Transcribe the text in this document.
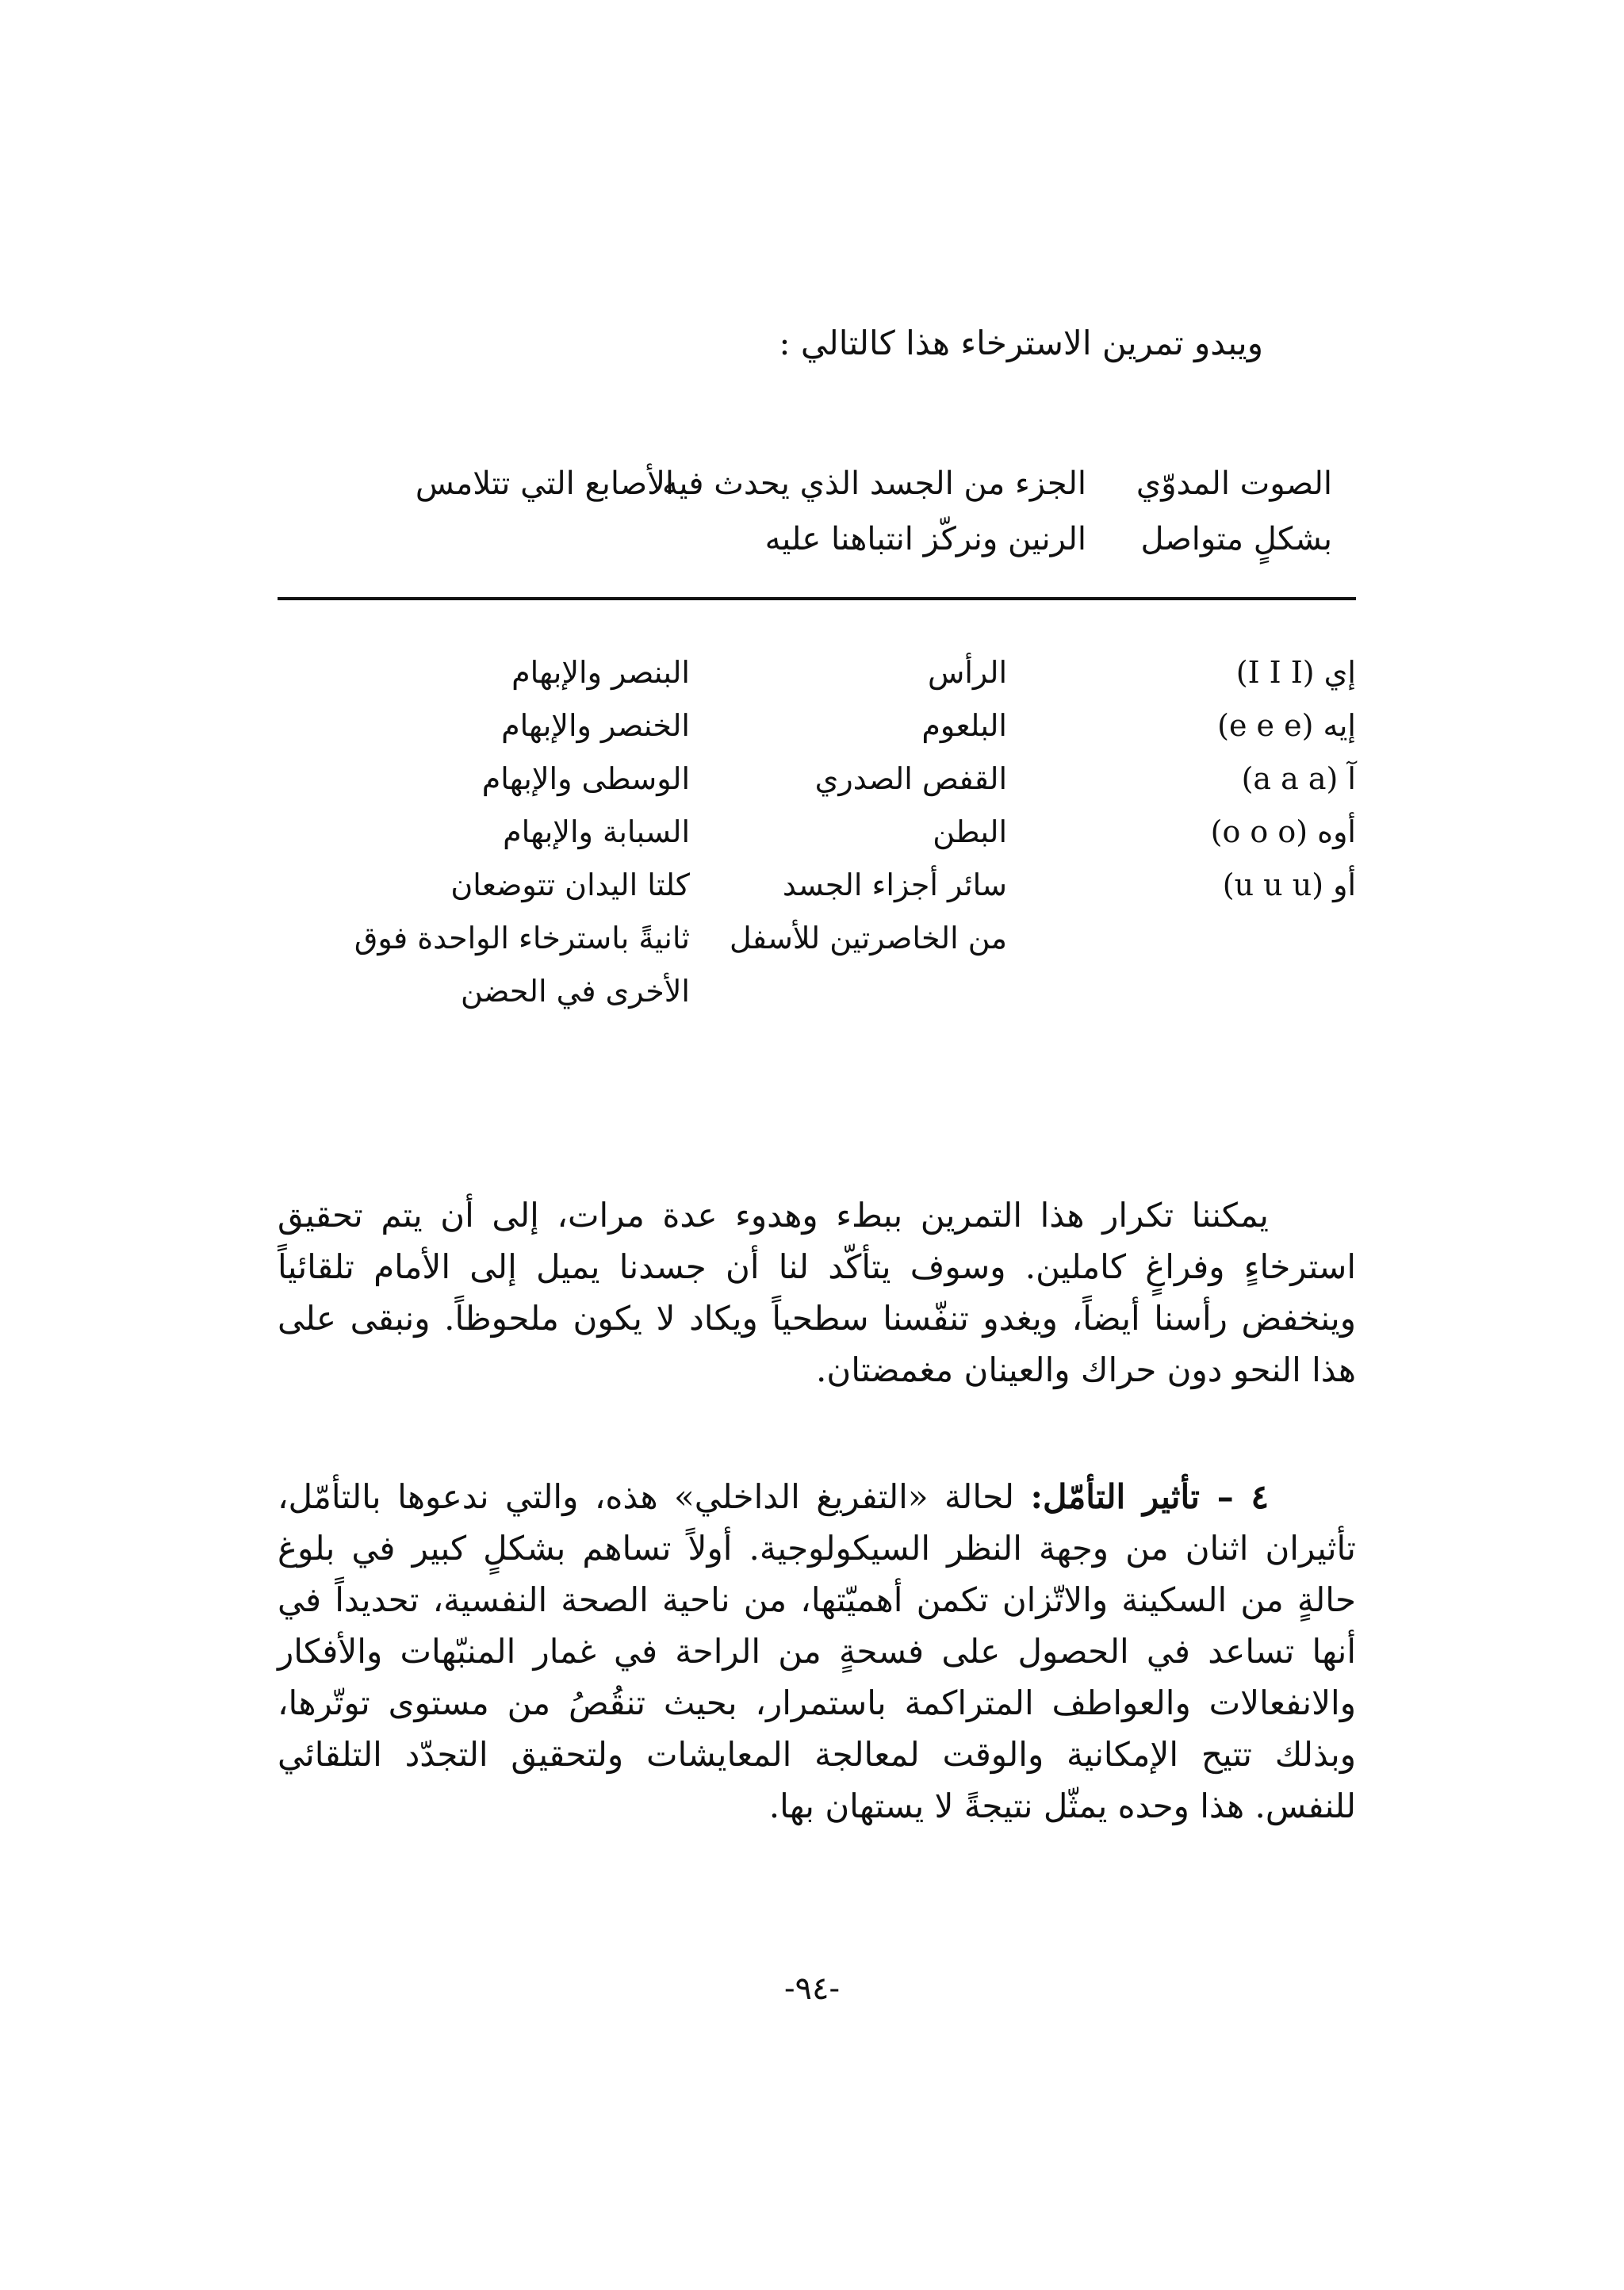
ويبدو تمرين الاسترخاء هذا كالتالي :
الصوت المدوّي
بشكلٍ متواصل
الجزء من الجسد الذي يحدث فيه
الرنين ونركّز انتباهنا عليه
الأصابع التي تتلامس
إي (I I I)
الرأس
البنصر والإبهام
إيه (e e e)
البلعوم
الخنصر والإبهام
آ (a a a)
القفص الصدري
الوسطى والإبهام
أوه (o o o)
البطن
السبابة والإبهام
أو (u u u)
سائر أجزاء الجسد
كلتا اليدان تتوضعان
من الخاصرتين للأسفل
ثانيةً باسترخاء الواحدة فوق الأخرى في الحضن

يمكننا تكرار هذا التمرين ببطء وهدوء عدة مرات، إلى أن يتم تحقيق استرخاءٍ وفراغٍ كاملين. وسوف يتأكّد لنا أن جسدنا يميل إلى الأمام تلقائياً وينخفض رأسنا أيضاً، ويغدو تنفّسنا سطحياً ويكاد لا يكون ملحوظاً. ونبقى على هذا النحو دون حراك والعينان مغمضتان.

٤ – تأثير التأمّل: لحالة «التفريغ الداخلي» هذه، والتي ندعوها بالتأمّل، تأثيران اثنان من وجهة النظر السيكولوجية. أولاً تساهم بشكلٍ كبير في بلوغ حالةٍ من السكينة والاتّزان تكمن أهميّتها، من ناحية الصحة النفسية، تحديداً في أنها تساعد في الحصول على فسحةٍ من الراحة في غمار المنبّهات والأفكار والانفعالات والعواطف المتراكمة باستمرار، بحيث تنقُصُ من مستوى توتّرها، وبذلك تتيح الإمكانية والوقت لمعالجة المعايشات ولتحقيق التجدّد التلقائي للنفس. هذا وحده يمثّل نتيجةً لا يستهان بها.

-٩٤-
